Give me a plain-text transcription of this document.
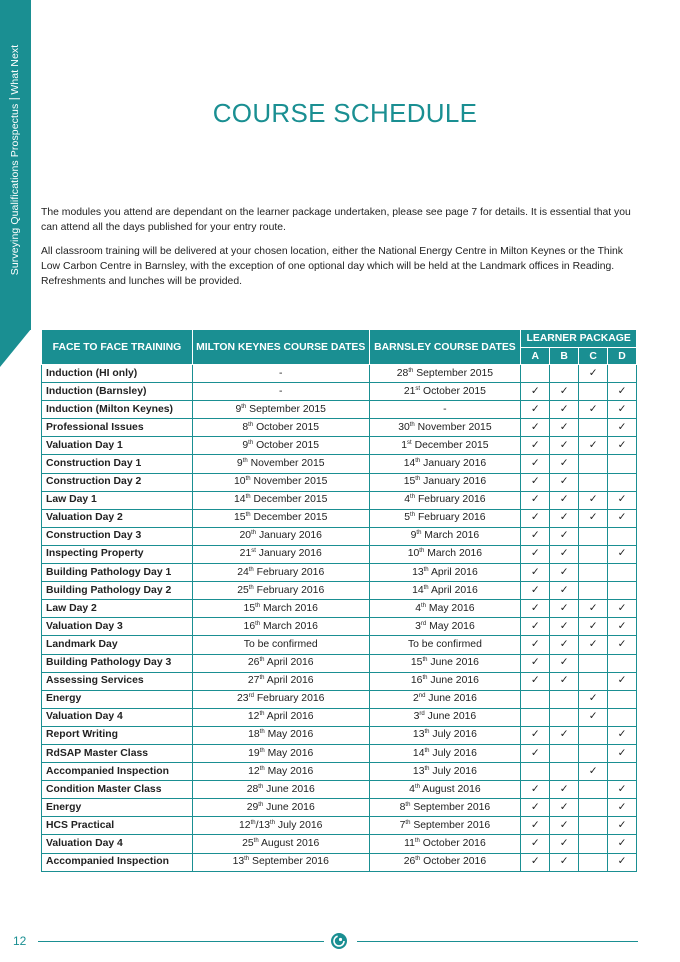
Surveying Qualifications ProspectusWhat Next
COURSE SCHEDULE

The modules you attend are dependant on the learner package undertaken, please see page 7 for details. It is essential that you can attend all the days published for your entry route.

All classroom training will be delivered at your chosen location, either the National Energy Centre in Milton Keynes or the Think Low Carbon Centre in Barnsley, with the exception of one optional day which will be held at the Landmark offices in Reading. Refreshments and lunches will be provided.

FACE TO FACE TRAINING	MILTON KEYNES COURSE DATES	BARNSLEY COURSE DATES	LEARNER PACKAGE			
			A	B	C	D
Induction (HI only)	-	28th September 2015			✓	
Induction (Barnsley)	-	21st October 2015	✓	✓		✓
Induction (Milton Keynes)	9th September 2015	-	✓	✓	✓	✓
Professional Issues	8th October 2015	30th November 2015	✓	✓		✓
Valuation Day 1	9th October 2015	1st December 2015	✓	✓	✓	✓
Construction Day 1	9th November 2015	14th January 2016	✓	✓		
Construction Day 2	10th November 2015	15th January 2016	✓	✓		
Law Day 1	14th December 2015	4th February 2016	✓	✓	✓	✓
Valuation Day 2	15th December 2015	5th February 2016	✓	✓	✓	✓
Construction Day 3	20th January 2016	9th March 2016	✓	✓		
Inspecting Property	21st January 2016	10th March 2016	✓	✓		✓
Building Pathology Day 1	24th February 2016	13th April 2016	✓	✓		
Building Pathology Day 2	25th February 2016	14th April 2016	✓	✓		
Law Day 2	15th March 2016	4th May 2016	✓	✓	✓	✓
Valuation Day 3	16th March 2016	3rd May 2016	✓	✓	✓	✓
Landmark Day	To be confirmed	To be confirmed	✓	✓	✓	✓
Building Pathology Day 3	26th April 2016	15th June 2016	✓	✓		
Assessing Services	27th April 2016	16th June 2016	✓	✓		✓
Energy	23rd February 2016	2nd June 2016			✓	
Valuation Day 4	12th April 2016	3rd June 2016			✓	
Report Writing	18th May 2016	13th July 2016	✓	✓		✓
RdSAP Master Class	19th May 2016	14th July 2016	✓			✓
Accompanied Inspection	12th May 2016	13th July 2016			✓	
Condition Master Class	28th June 2016	4th August 2016	✓	✓		✓
Energy	29th June 2016	8th September 2016	✓	✓		✓
HCS Practical	12th/13th July 2016	7th September 2016	✓	✓		✓
Valuation Day 4	25th August 2016	11th October 2016	✓	✓		✓
Accompanied Inspection	13th September 2016	26th October 2016	✓	✓		✓
12
